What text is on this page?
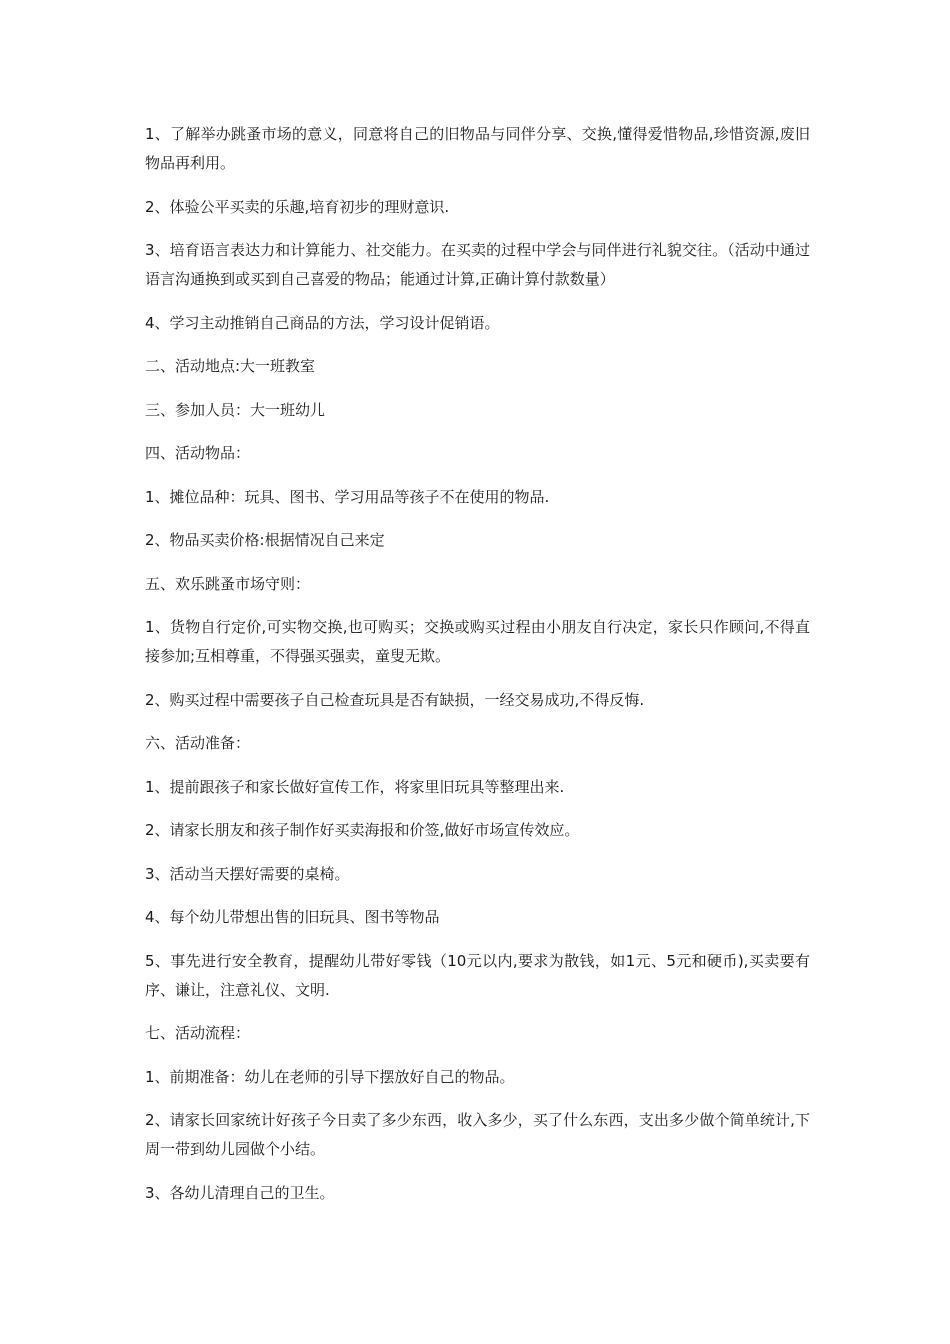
1、了解举办跳蚤市场的意义，同意将自己的旧物品与同伴分享、交换,懂得爱惜物品,珍惜资源,废旧物品再利用。

2、体验公平买卖的乐趣,培育初步的理财意识.

3、培育语言表达力和计算能力、社交能力。在买卖的过程中学会与同伴进行礼貌交往。（活动中通过语言沟通换到或买到自己喜爱的物品；能通过计算,正确计算付款数量）

4、学习主动推销自己商品的方法，学习设计促销语。

二、活动地点:大一班教室

三、参加人员：大一班幼儿

四、活动物品：

1、摊位品种：玩具、图书、学习用品等孩子不在使用的物品.

2、物品买卖价格:根据情况自己来定

五、欢乐跳蚤市场守则：

1、货物自行定价,可实物交换,也可购买；交换或购买过程由小朋友自行决定，家长只作顾问,不得直接参加;互相尊重，不得强买强卖，童叟无欺。

2、购买过程中需要孩子自己检查玩具是否有缺损，一经交易成功,不得反悔.

六、活动准备：

1、提前跟孩子和家长做好宣传工作，将家里旧玩具等整理出来.

2、请家长朋友和孩子制作好买卖海报和价签,做好市场宣传效应。

3、活动当天摆好需要的桌椅。

4、每个幼儿带想出售的旧玩具、图书等物品

5、事先进行安全教育，提醒幼儿带好零钱（10元以内,要求为散钱，如1元、5元和硬币),买卖要有序、谦让，注意礼仪、文明.

七、活动流程：

1、前期准备：幼儿在老师的引导下摆放好自己的物品。

2、请家长回家统计好孩子今日卖了多少东西，收入多少，买了什么东西，支出多少做个简单统计,下周一带到幼儿园做个小结。

3、各幼儿清理自己的卫生。
